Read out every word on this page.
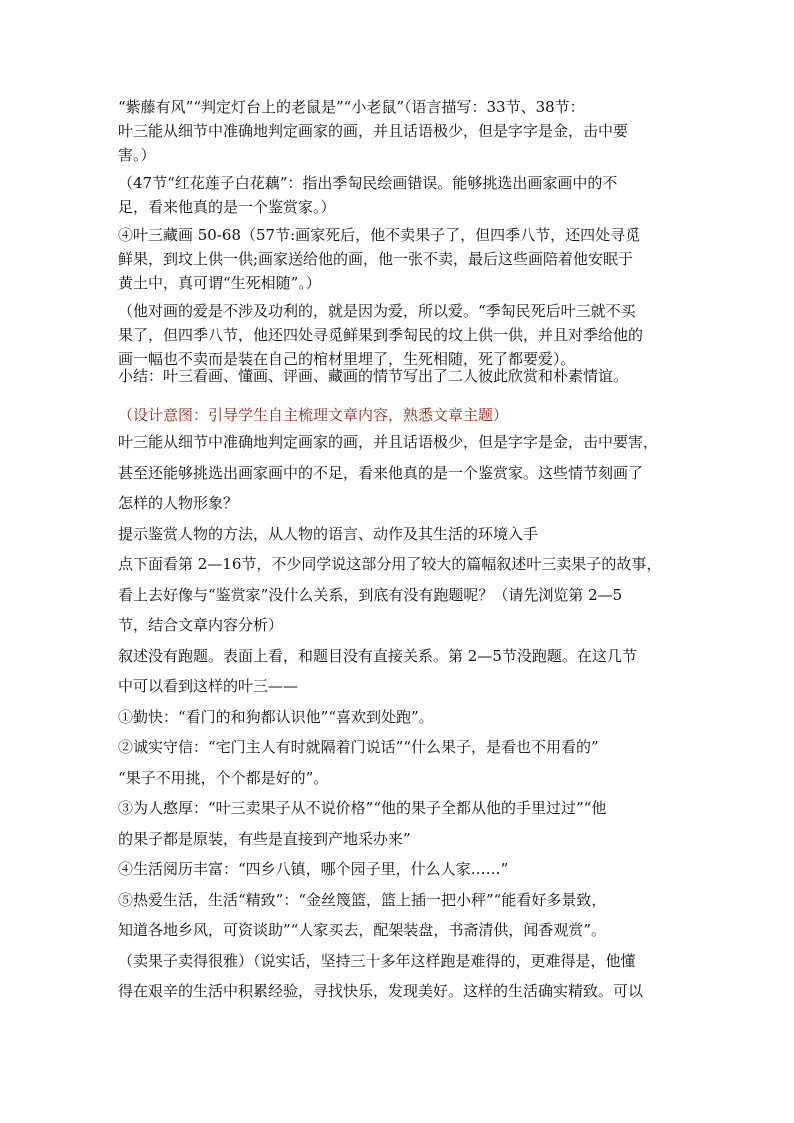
“紫藤有风”“判定灯台上的老鼠是”“小老鼠”（语言描写：33节、38节：
叶三能从细节中准确地判定画家的画，并且话语极少，但是字字是金，击中要
害。）

（47节“红花莲子白花藕”：指出季匋民绘画错误。能够挑选出画家画中的不
足，看来他真的是一个鉴赏家。）

④叶三藏画 50-68（57节:画家死后，他不卖果子了，但四季八节，还四处寻觅
鲜果，到坟上供一供;画家送给他的画，他一张不卖，最后这些画陪着他安眠于
黄土中，真可谓“生死相随”。）

（他对画的爱是不涉及功利的，就是因为爱，所以爱。“季匋民死后叶三就不买
果了，但四季八节，他还四处寻觅鲜果到季匋民的坟上供一供，并且对季给他的
画一幅也不卖而是装在自己的棺材里埋了，生死相随，死了都要爱）。

小结：叶三看画、懂画、评画、藏画的情节写出了二人彼此欣赏和朴素情谊。

（设计意图：引导学生自主梳理文章内容，熟悉文章主题）

叶三能从细节中准确地判定画家的画，并且话语极少，但是字字是金，击中要害，
甚至还能够挑选出画家画中的不足，看来他真的是一个鉴赏家。这些情节刻画了
怎样的人物形象？
提示鉴赏人物的方法，从人物的语言、动作及其生活的环境入手
点下面看第 2—16节，不少同学说这部分用了较大的篇幅叙述叶三卖果子的故事，
看上去好像与“鉴赏家”没什么关系，到底有没有跑题呢？（请先浏览第 2—5
节，结合文章内容分析）
叙述没有跑题。表面上看，和题目没有直接关系。第 2—5节没跑题。在这几节
中可以看到这样的叶三——
①勤快：“看门的和狗都认识他”“喜欢到处跑”。
②诚实守信：“宅门主人有时就隔着门说话”“什么果子，是看也不用看的”
“果子不用挑，个个都是好的”。
③为人憨厚：“叶三卖果子从不说价格”“他的果子全都从他的手里过过”“他
的果子都是原装，有些是直接到产地采办来”
④生活阅历丰富：“四乡八镇，哪个园子里，什么人家……”
⑤热爱生活，生活“精致”：“金丝篾篮，篮上插一把小秤”“能看好多景致，
知道各地乡风，可资谈助”“人家买去，配架装盘，书斋清供，闻香观赏”。
（卖果子卖得很雅）（说实话，坚持三十多年这样跑是难得的，更难得是，他懂
得在艰辛的生活中积累经验，寻找快乐，发现美好。这样的生活确实精致。可以
